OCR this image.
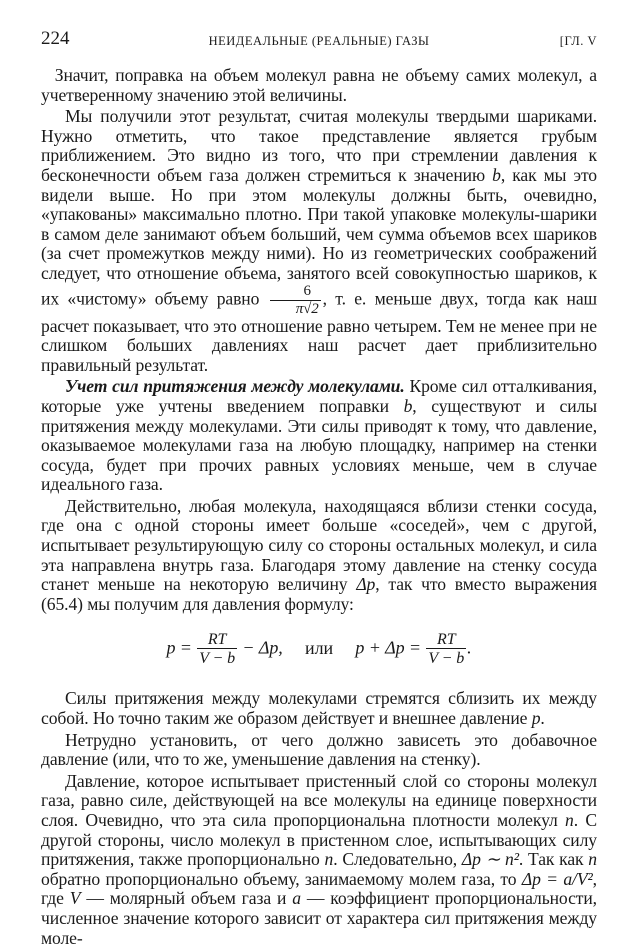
224	НЕИДЕАЛЬНЫЕ (РЕАЛЬНЫЕ) ГАЗЫ	[ГЛ. V

Значит, поправка на объем молекул равна не объему самих молекул, а учетверенному значению этой величины.

Мы получили этот результат, считая молекулы твердыми шариками. Нужно отметить, что такое представление является грубым приближением. Это видно из того, что при стремлении давления к бесконечности объем газа должен стремиться к значению b, как мы это видели выше. Но при этом молекулы должны быть, очевидно, «упакованы» максимально плотно. При такой упаковке молекулы-шарики в самом деле занимают объем больший, чем сумма объемов всех шариков (за счет промежутков между ними). Но из геометрических соображений следует, что отношение объема, занятого всей совокупностью шариков, к их «чистому» объему равно $\frac{6}{\pi√2}$ , т. е. меньше двух, тогда как наш расчет показывает, что это отношение равно четырем. Тем не менее при не слишком больших давлениях наш расчет дает приблизительно правильный результат.

Учет сил притяжения между молекулами. Кроме сил отталкивания, которые уже учтены введением поправки b, существуют и силы притяжения между молекулами. Эти силы приводят к тому, что давление, оказываемое молекулами газа на любую площадку, например на стенки сосуда, будет при прочих равных условиях меньше, чем в случае идеального газа.

Действительно, любая молекула, находящаяся вблизи стенки сосуда, где она с одной стороны имеет больше «соседей», чем с другой, испытывает результирующую силу со стороны остальных молекул, и сила эта направлена внутрь газа. Благодаря этому давление на стенку сосуда станет меньше на некоторую величину Δp, так что вместо выражения (65.4) мы получим для давления формулу:

$p = \frac{RT}{V - b} - \Delta p$, или $p + \Delta p = \frac{RT}{V - b}$ .

Силы притяжения между молекулами стремятся сблизить их между собой. Но точно таким же образом действует и внешнее давление p.

Нетрудно установить, от чего должно зависеть это добавочное давление (или, что то же, уменьшение давления на стенку).

Давление, которое испытывает пристенный слой со стороны молекул газа, равно силе, действующей на все молекулы на единице поверхности слоя. Очевидно, что эта сила пропорциональна плотности молекул n. С другой стороны, число молекул в пристенном слое, испытывающих силу притяжения, также пропорционально n. Следовательно, Δp ∼ n². Так как n обратно пропорционально объему, занимаемому молем газа, то Δp = a/V², где V — молярный объем газа и a — коэффициент пропорциональности, численное значение которого зависит от характера сил притяжения между моле-
